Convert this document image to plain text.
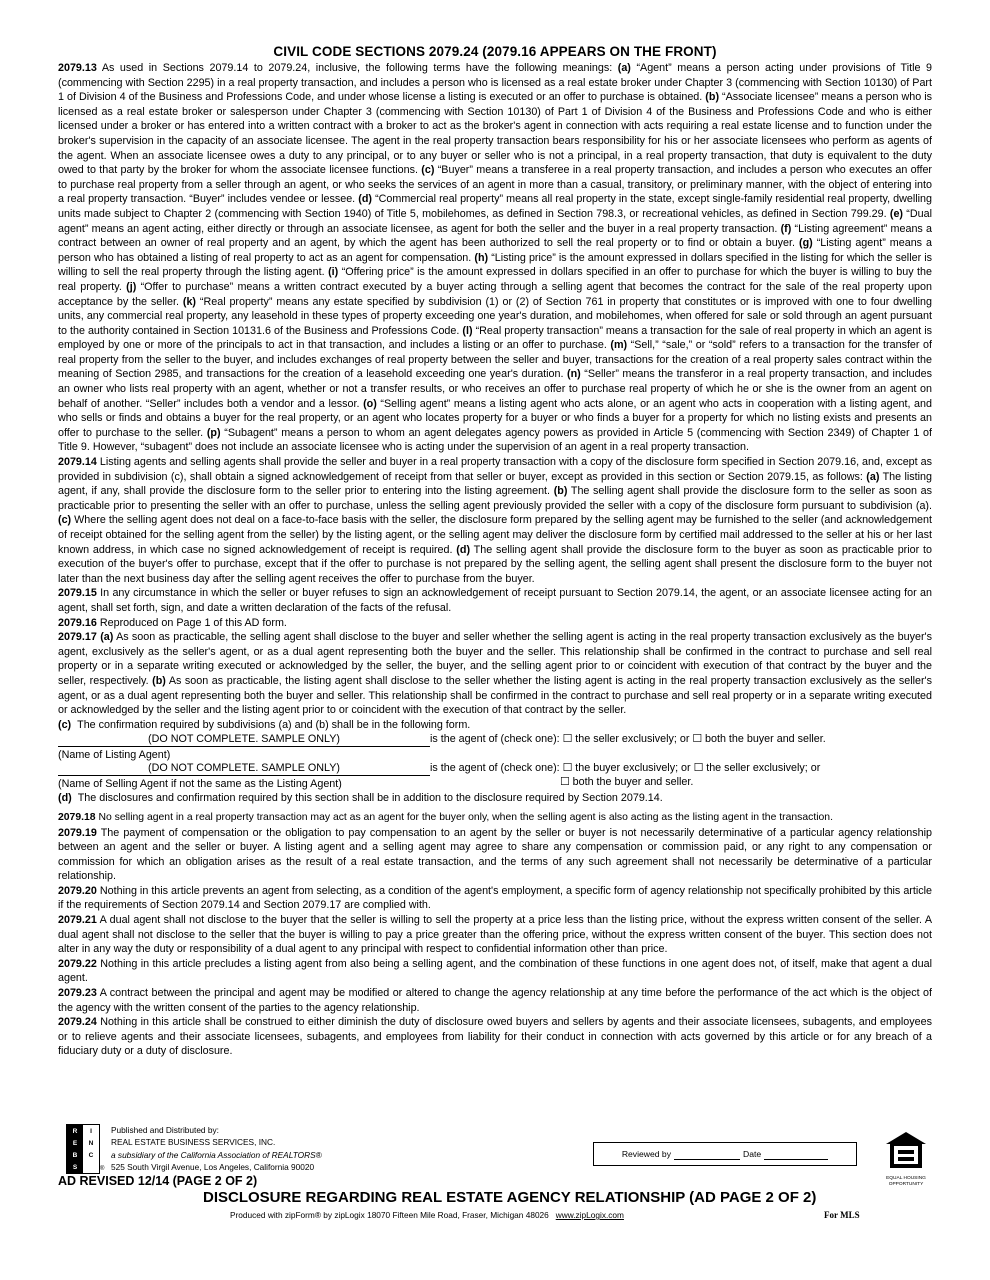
CIVIL CODE SECTIONS 2079.24 (2079.16 APPEARS ON THE FRONT)

2079.13 As used in Sections 2079.14 to 2079.24, inclusive, the following terms have the following meanings: (a) “Agent” means a person acting under provisions of Title 9 (commencing with Section 2295) in a real property transaction, and includes a person who is licensed as a real estate broker under Chapter 3 (commencing with Section 10130) of Part 1 of Division 4 of the Business and Professions Code, and under whose license a listing is executed or an offer to purchase is obtained. (b) “Associate licensee” means a person who is licensed as a real estate broker or salesperson under Chapter 3 (commencing with Section 10130) of Part 1 of Division 4 of the Business and Professions Code and who is either licensed under a broker or has entered into a written contract with a broker to act as the broker's agent in connection with acts requiring a real estate license and to function under the broker's supervision in the capacity of an associate licensee. The agent in the real property transaction bears responsibility for his or her associate licensees who perform as agents of the agent. When an associate licensee owes a duty to any principal, or to any buyer or seller who is not a principal, in a real property transaction, that duty is equivalent to the duty owed to that party by the broker for whom the associate licensee functions. (c) “Buyer” means a transferee in a real property transaction, and includes a person who executes an offer to purchase real property from a seller through an agent, or who seeks the services of an agent in more than a casual, transitory, or preliminary manner, with the object of entering into a real property transaction. “Buyer” includes vendee or lessee. (d) “Commercial real property” means all real property in the state, except single-family residential real property, dwelling units made subject to Chapter 2 (commencing with Section 1940) of Title 5, mobilehomes, as defined in Section 798.3, or recreational vehicles, as defined in Section 799.29. (e) “Dual agent” means an agent acting, either directly or through an associate licensee, as agent for both the seller and the buyer in a real property transaction. (f) “Listing agreement” means a contract between an owner of real property and an agent, by which the agent has been authorized to sell the real property or to find or obtain a buyer. (g) “Listing agent” means a person who has obtained a listing of real property to act as an agent for compensation. (h) “Listing price” is the amount expressed in dollars specified in the listing for which the seller is willing to sell the real property through the listing agent. (i) “Offering price” is the amount expressed in dollars specified in an offer to purchase for which the buyer is willing to buy the real property. (j) “Offer to purchase” means a written contract executed by a buyer acting through a selling agent that becomes the contract for the sale of the real property upon acceptance by the seller. (k) “Real property” means any estate specified by subdivision (1) or (2) of Section 761 in property that constitutes or is improved with one to four dwelling units, any commercial real property, any leasehold in these types of property exceeding one year's duration, and mobilehomes, when offered for sale or sold through an agent pursuant to the authority contained in Section 10131.6 of the Business and Professions Code. (l) “Real property transaction” means a transaction for the sale of real property in which an agent is employed by one or more of the principals to act in that transaction, and includes a listing or an offer to purchase. (m) “Sell,” “sale,” or “sold” refers to a transaction for the transfer of real property from the seller to the buyer, and includes exchanges of real property between the seller and buyer, transactions for the creation of a real property sales contract within the meaning of Section 2985, and transactions for the creation of a leasehold exceeding one year's duration. (n) “Seller” means the transferor in a real property transaction, and includes an owner who lists real property with an agent, whether or not a transfer results, or who receives an offer to purchase real property of which he or she is the owner from an agent on behalf of another. “Seller” includes both a vendor and a lessor. (o) “Selling agent” means a listing agent who acts alone, or an agent who acts in cooperation with a listing agent, and who sells or finds and obtains a buyer for the real property, or an agent who locates property for a buyer or who finds a buyer for a property for which no listing exists and presents an offer to purchase to the seller. (p) “Subagent” means a person to whom an agent delegates agency powers as provided in Article 5 (commencing with Section 2349) of Chapter 1 of Title 9. However, “subagent” does not include an associate licensee who is acting under the supervision of an agent in a real property transaction.

2079.14 Listing agents and selling agents shall provide the seller and buyer in a real property transaction with a copy of the disclosure form specified in Section 2079.16, and, except as provided in subdivision (c), shall obtain a signed acknowledgement of receipt from that seller or buyer, except as provided in this section or Section 2079.15, as follows: (a) The listing agent, if any, shall provide the disclosure form to the seller prior to entering into the listing agreement. (b) The selling agent shall provide the disclosure form to the seller as soon as practicable prior to presenting the seller with an offer to purchase, unless the selling agent previously provided the seller with a copy of the disclosure form pursuant to subdivision (a). (c) Where the selling agent does not deal on a face-to-face basis with the seller, the disclosure form prepared by the selling agent may be furnished to the seller (and acknowledgement of receipt obtained for the selling agent from the seller) by the listing agent, or the selling agent may deliver the disclosure form by certified mail addressed to the seller at his or her last known address, in which case no signed acknowledgement of receipt is required. (d) The selling agent shall provide the disclosure form to the buyer as soon as practicable prior to execution of the buyer's offer to purchase, except that if the offer to purchase is not prepared by the selling agent, the selling agent shall present the disclosure form to the buyer not later than the next business day after the selling agent receives the offer to purchase from the buyer.

2079.15 In any circumstance in which the seller or buyer refuses to sign an acknowledgement of receipt pursuant to Section 2079.14, the agent, or an associate licensee acting for an agent, shall set forth, sign, and date a written declaration of the facts of the refusal.

2079.16 Reproduced on Page 1 of this AD form.

2079.17 (a) As soon as practicable, the selling agent shall disclose to the buyer and seller whether the selling agent is acting in the real property transaction exclusively as the buyer's agent, exclusively as the seller's agent, or as a dual agent representing both the buyer and the seller. This relationship shall be confirmed in the contract to purchase and sell real property or in a separate writing executed or acknowledged by the seller, the buyer, and the selling agent prior to or coincident with execution of that contract by the buyer and the seller, respectively. (b) As soon as practicable, the listing agent shall disclose to the seller whether the listing agent is acting in the real property transaction exclusively as the seller's agent, or as a dual agent representing both the buyer and seller. This relationship shall be confirmed in the contract to purchase and sell real property or in a separate writing executed or acknowledged by the seller and the listing agent prior to or coincident with the execution of that contract by the seller.

(c) The confirmation required by subdivisions (a) and (b) shall be in the following form.

(DO NOT COMPLETE. SAMPLE ONLY)	is the agent of (check one): ☐ the seller exclusively; or ☐ both the buyer and seller.
(Name of Listing Agent)
(DO NOT COMPLETE. SAMPLE ONLY)	is the agent of (check one): ☐ the buyer exclusively; or ☐ the seller exclusively; or
(Name of Selling Agent if not the same as the Listing Agent)	☐ both the buyer and seller.

(d) The disclosures and confirmation required by this section shall be in addition to the disclosure required by Section 2079.14.

2079.18 No selling agent in a real property transaction may act as an agent for the buyer only, when the selling agent is also acting as the listing agent in the transaction.

2079.19 The payment of compensation or the obligation to pay compensation to an agent by the seller or buyer is not necessarily determinative of a particular agency relationship between an agent and the seller or buyer. A listing agent and a selling agent may agree to share any compensation or commission paid, or any right to any compensation or commission for which an obligation arises as the result of a real estate transaction, and the terms of any such agreement shall not necessarily be determinative of a particular relationship.

2079.20 Nothing in this article prevents an agent from selecting, as a condition of the agent's employment, a specific form of agency relationship not specifically prohibited by this article if the requirements of Section 2079.14 and Section 2079.17 are complied with.

2079.21 A dual agent shall not disclose to the buyer that the seller is willing to sell the property at a price less than the listing price, without the express written consent of the seller. A dual agent shall not disclose to the seller that the buyer is willing to pay a price greater than the offering price, without the express written consent of the buyer. This section does not alter in any way the duty or responsibility of a dual agent to any principal with respect to confidential information other than price.

2079.22 Nothing in this article precludes a listing agent from also being a selling agent, and the combination of these functions in one agent does not, of itself, make that agent a dual agent.

2079.23 A contract between the principal and agent may be modified or altered to change the agency relationship at any time before the performance of the act which is the object of the agency with the written consent of the parties to the agency relationship.

2079.24 Nothing in this article shall be construed to either diminish the duty of disclosure owed buyers and sellers by agents and their associate licensees, subagents, and employees or to relieve agents and their associate licensees, subagents, and employees from liability for their conduct in connection with acts governed by this article or for any breach of a fiduciary duty or a duty of disclosure.

R	I
E	N
B	C
S	®
Published and Distributed by:
REAL ESTATE BUSINESS SERVICES, INC.
a subsidiary of the California Association of REALTORS®
525 South Virgil Avenue, Los Angeles, California 90020
Reviewed by
	Date

EQUAL HOUSING OPPORTUNITY
AD REVISED 12/14 (PAGE 2 OF 2)
DISCLOSURE REGARDING REAL ESTATE AGENCY RELATIONSHIP (AD PAGE 2 OF 2)
Produced with zipForm® by zipLogix 18070 Fifteen Mile Road, Fraser, Michigan 48026 www.zipLogix.com	For MLS
